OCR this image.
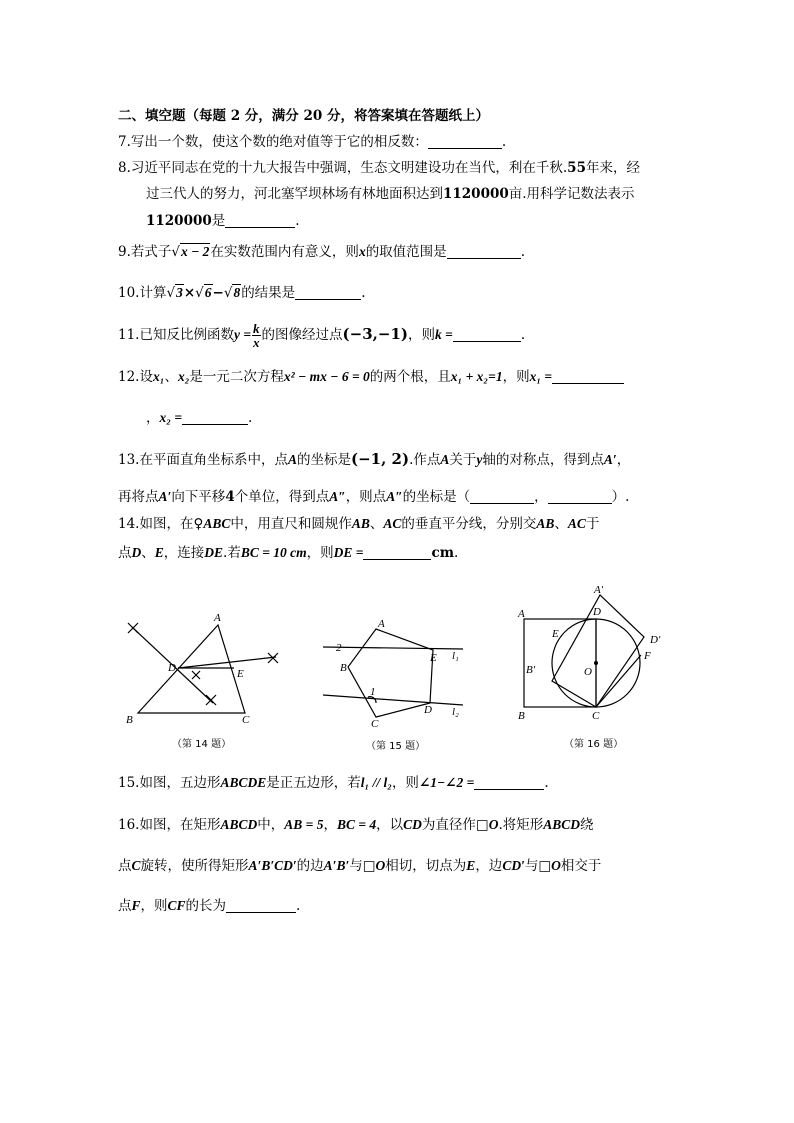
二、填空题（每题 2 分，满分 20 分，将答案填在答题纸上）
7.写出一个数，使这个数的绝对值等于它的相反数：	.
8.习近平同志在党的十九大报告中强调，生态文明建设功在当代，利在千秋.55年来，经
过三代人的努力，河北塞罕坝林场有林地面积达到1120000亩.用科学记数法表示
1120000是	.
9.若式子√x − 2在实数范围内有意义，则x的取值范围是	.
10.计算√3×√6−√8的结果是	.
11.已知反比例函数$y = \frac{k}{x}$ 的图像经过点(−3,−1)，则k =	.
12.设x₁、x₂是一元二次方程x² − mx − 6 = 0的两个根，且x₁ + x₂=1，则x₁ =
，x₂ =	.
13.在平面直角坐标系中，点A的坐标是(−1, 2).作点A关于y轴的对称点，得到点A′，
再将点A′向下平移4个单位，得到点A″，则点A″的坐标是（	，	）.
14.如图，在♀ABC中，用直尺和圆规作AB、AC的垂直平分线，分别交AB、AC于
点D、E，连接DE.若BC = 10 cm，则DE =	cm.
A
B	C
D	E
（第 14 题）
A
B
C
D
E l₁
l₂
1
2
（第 15 题）
A
B	C
D
E
F
O
A′
B′
D′
（第 16 题）
15.如图，五边形ABCDE是正五边形，若l₁ // l₂，则∠1−∠2 =	.
16.如图，在矩形ABCD中，AB = 5，BC = 4，以CD为直径作□O.将矩形ABCD绕
点C旋转，使所得矩形A′B′CD′的边A′B′与□O相切，切点为E，边CD′与□O相交于
点F，则CF的长为	.
